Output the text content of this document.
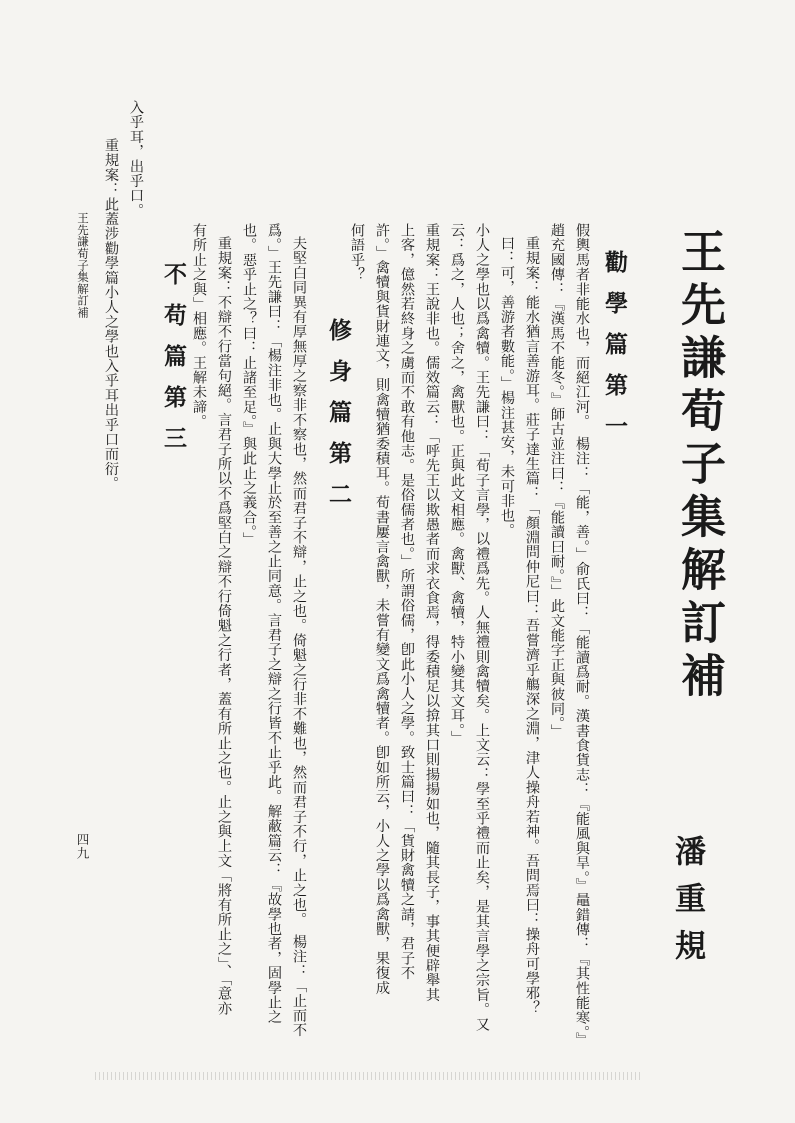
王先謙荀子集解訂補
潘重規
勸學篇第一
假輿馬者非能水也，而絕江河。　楊注：「能，善。」俞氏曰：「能讀爲耐。漢書食貨志：『能風與旱。』鼂錯傳：『其性能寒。』
趙充國傳：『漢馬不能冬。』師古並注曰：『能讀曰耐。』」此文能字正與彼同。」
重規案：能水猶言善游耳。莊子達生篇：「顏淵問仲尼曰：吾嘗濟乎觴深之淵，津人操舟若神。吾問焉曰：操舟可學邪？
曰：可，善游者數能。」楊注甚安，未可非也。
小人之學也以爲禽犢。王先謙曰：「荀子言學，以禮爲先。人無禮則禽犢矣。上文云：學至乎禮而止矣，是其言學之宗旨。又
云：爲之，人也；舍之，禽獸也。正與此文相應。禽獸、禽犢，特小變其文耳。」
重規案：王說非也。儒效篇云：「呼先王以欺愚者而求衣食焉，得委積足以揜其口則揚揚如也，隨其長子，事其便辟舉其
上客，億然若終身之虜而不敢有他志。是俗儒者也。」所謂俗儒，卽此小人之學。致士篇曰：「貨財禽犢之請，君子不
許。」禽犢與貨財連文，則禽犢猶委積耳。荀書屢言禽獸，未嘗有變文爲禽犢者。卽如所云，小人之學以爲禽獸，果復成
何語乎？
修身篇第二
夫堅白同異有厚無厚之察非不察也，然而君子不辯，止之也。倚魁之行非不難也，然而君子不行，止之也。　楊注：「止而不
爲。」王先謙曰：「楊注非也。止與大學止於至善之止同意。言君子之辯之行皆不止乎此。解蔽篇云：『故學也者，固學止之
也。惡乎止之？曰：止諸至足。』與此止之義合。」
重規案：不辯不行當句絕。言君子所以不爲堅白之辯不行倚魁之行者，蓋有所止之也。止之與上文「將有所止之」、「意亦
有所止之與」相應。王解未諦。
不苟篇第三
入乎耳，出乎口。
重規案：此蓋涉勸學篇小人之學也入乎耳出乎口而衍。
王先謙荀子集解訂補
四九
